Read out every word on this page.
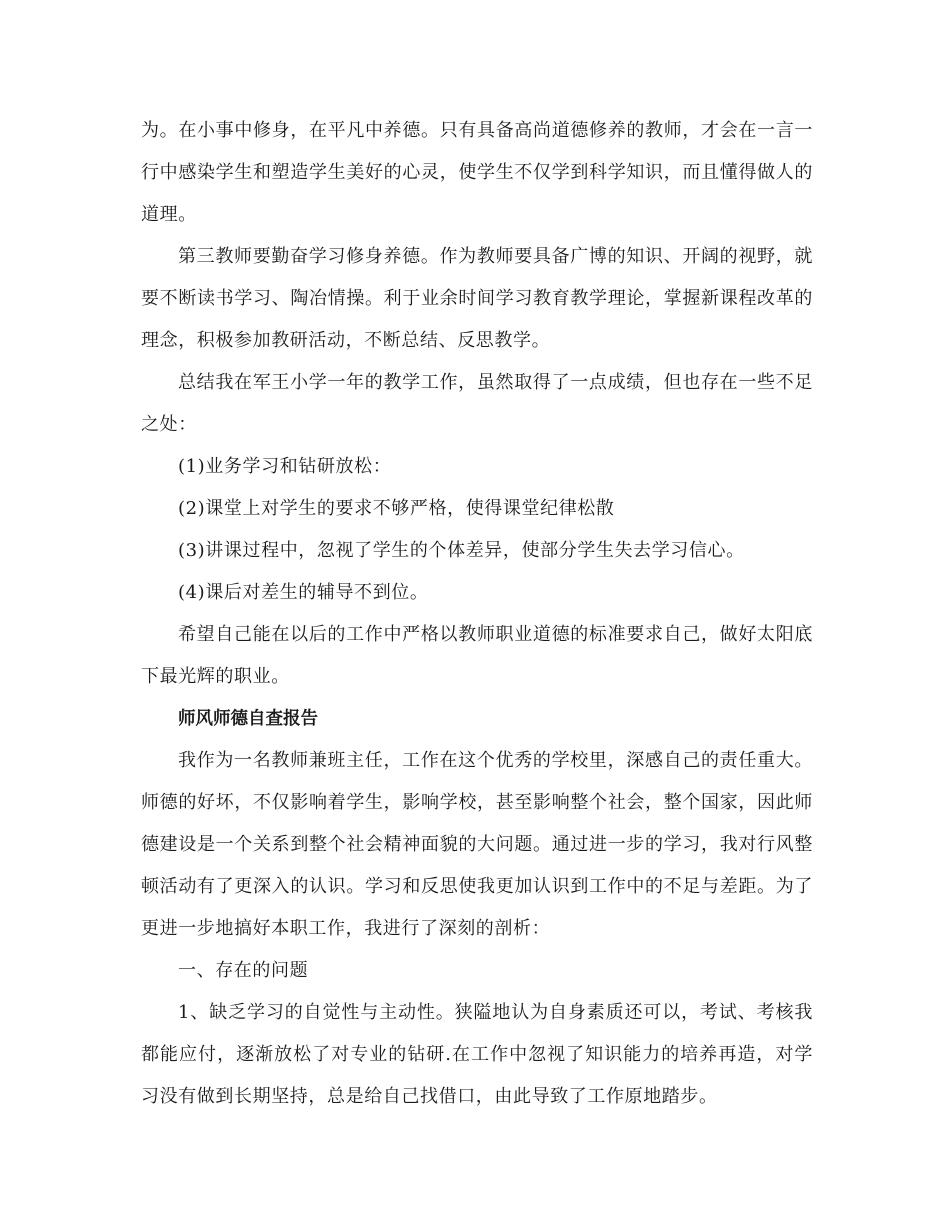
为。在小事中修身，在平凡中养德。只有具备高尚道德修养的教师，才会在一言一行中感染学生和塑造学生美好的心灵，使学生不仅学到科学知识，而且懂得做人的道理。

第三教师要勤奋学习修身养德。作为教师要具备广博的知识、开阔的视野，就要不断读书学习、陶冶情操。利于业余时间学习教育教学理论，掌握新课程改革的理念，积极参加教研活动，不断总结、反思教学。

总结我在军王小学一年的教学工作，虽然取得了一点成绩，但也存在一些不足之处：

(1)业务学习和钻研放松：

(2)课堂上对学生的要求不够严格，使得课堂纪律松散

(3)讲课过程中，忽视了学生的个体差异，使部分学生失去学习信心。

(4)课后对差生的辅导不到位。

希望自己能在以后的工作中严格以教师职业道德的标准要求自己，做好太阳底下最光辉的职业。

师风师德自查报告

我作为一名教师兼班主任，工作在这个优秀的学校里，深感自己的责任重大。师德的好坏，不仅影响着学生，影响学校，甚至影响整个社会，整个国家，因此师德建设是一个关系到整个社会精神面貌的大问题。通过进一步的学习，我对行风整顿活动有了更深入的认识。学习和反思使我更加认识到工作中的不足与差距。为了更进一步地搞好本职工作，我进行了深刻的剖析：

一、存在的问题

1、缺乏学习的自觉性与主动性。狭隘地认为自身素质还可以，考试、考核我都能应付，逐渐放松了对专业的钻研.在工作中忽视了知识能力的培养再造，对学习没有做到长期坚持，总是给自己找借口，由此导致了工作原地踏步。
